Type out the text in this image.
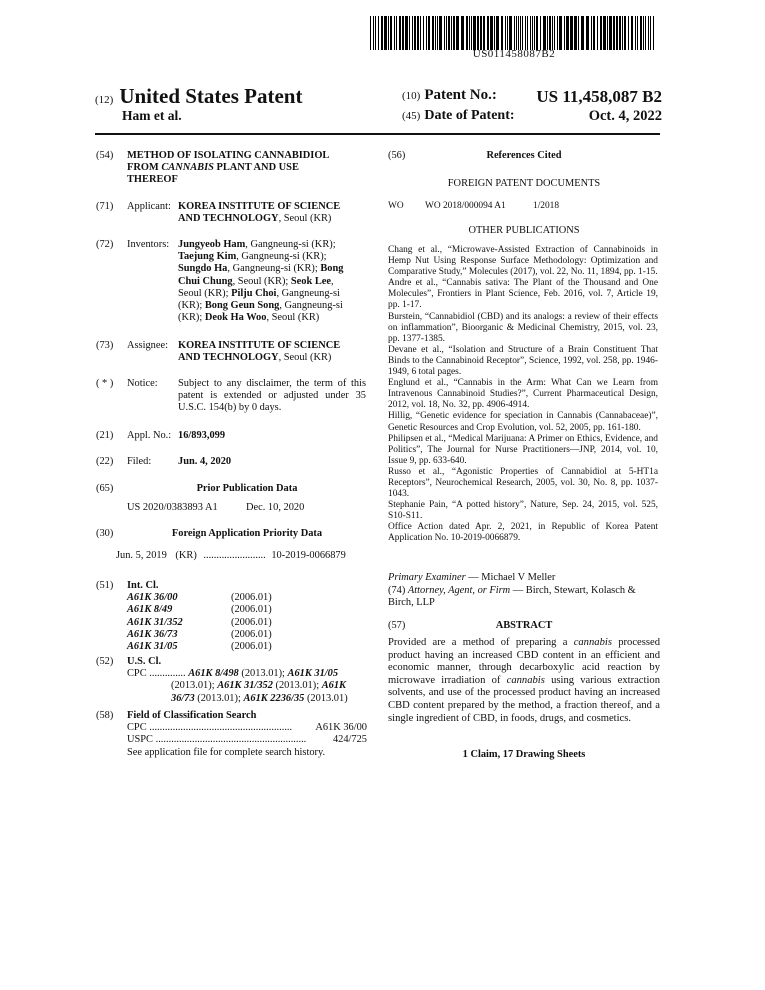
US011458087B2
(12) United States Patent
Ham et al.
(10) Patent No.: US 11,458,087 B2
(45) Date of Patent:	Oct. 4, 2022
(54)	METHOD OF ISOLATING CANNABIDIOL
FROM CANNABIS PLANT AND USE
THEREOF
(71)	Applicant: KOREA INSTITUTE OF SCIENCE
AND TECHNOLOGY, Seoul (KR)
(72)	Inventors: Jungyeob Ham, Gangneung-si (KR);
Taejung Kim, Gangneung-si (KR);
Sungdo Ha, Gangneung-si (KR); Bong
Chui Chung, Seoul (KR); Seok Lee,
Seoul (KR); Pilju Choi, Gangneung-si
(KR); Bong Geun Song, Gangneung-si
(KR); Deok Ha Woo, Seoul (KR)
(73)	Assignee: KOREA INSTITUTE OF SCIENCE
AND TECHNOLOGY, Seoul (KR)
( * )	Notice: Subject to any disclaimer, the term of this patent is extended or adjusted under 35 U.S.C. 154(b) by 0 days.
(21)	Appl. No.: 16/893,099
(22)	Filed:	Jun. 4, 2020
(65)	Prior Publication Data
US 2020/0383893 A1	Dec. 10, 2020
(30)	Foreign Application Priority Data
Jun. 5, 2019 (KR) ........................ 10-2019-0066879
(51)	Int. Cl.
A61K 36/00	(2006.01)
A61K 8/49	(2006.01)
A61K 31/352	(2006.01)
A61K 36/73	(2006.01)
A61K 31/05	(2006.01)
(52)	U.S. Cl.
CPC .............. A61K 8/498 (2013.01); A61K 31/05
(2013.01); A61K 31/352 (2013.01); A61K
36/73 (2013.01); A61K 2236/35 (2013.01)
(58)	Field of Classification Search
CPC ....................................................... A61K 36/00
USPC ..........................................................	424/725
See application file for complete search history.
(56)	References Cited
FOREIGN PATENT DOCUMENTS
WO WO 2018/000094 A1	1/2018
OTHER PUBLICATIONS

Chang et al., “Microwave-Assisted Extraction of Cannabinoids in Hemp Nut Using Response Surface Methodology: Optimization and Comparative Study,” Molecules (2017), vol. 22, No. 11, 1894, pp. 1-15.

Andre et al., “Cannabis sativa: The Plant of the Thousand and One Molecules”, Frontiers in Plant Science, Feb. 2016, vol. 7, Article 19, pp. 1-17.

Burstein, “Cannabidiol (CBD) and its analogs: a review of their effects on inflammation”, Bioorganic & Medicinal Chemistry, 2015, vol. 23, pp. 1377-1385.

Devane et al., “Isolation and Structure of a Brain Constituent That Binds to the Cannabinoid Receptor”, Science, 1992, vol. 258, pp. 1946-1949, 6 total pages.

Englund et al., “Cannabis in the Arm: What Can we Learn from Intravenous Cannabinoid Studies?”, Current Pharmaceutical Design, 2012, vol. 18, No. 32, pp. 4906-4914.

Hillig, “Genetic evidence for speciation in Cannabis (Cannabaceae)”, Genetic Resources and Crop Evolution, vol. 52, 2005, pp. 161-180.

Philipsen et al., “Medical Marijuana: A Primer on Ethics, Evidence, and Politics”, The Journal for Nurse Practitioners—JNP, 2014, vol. 10, Issue 9, pp. 633-640.

Russo et al., “Agonistic Properties of Cannabidiol at 5-HT1a Receptors”, Neurochemical Research, 2005, vol. 30, No. 8, pp. 1037-1043.

Stephanie Pain, “A potted history”, Nature, Sep. 24, 2015, vol. 525, S10-S11.

Office Action dated Apr. 2, 2021, in Republic of Korea Patent Application No. 10-2019-0066879.

Primary Examiner — Michael V Meller
(74) Attorney, Agent, or Firm — Birch, Stewart, Kolasch & Birch, LLP
(57)	ABSTRACT
Provided are a method of preparing a cannabis processed product having an increased CBD content in an efficient and economic manner, through decarboxylic acid reaction by microwave irradiation of cannabis using various extraction solvents, and use of the processed product having an increased CBD content prepared by the method, a fraction thereof, and a single ingredient of CBD, in foods, drugs, and cosmetics.
1 Claim, 17 Drawing Sheets
